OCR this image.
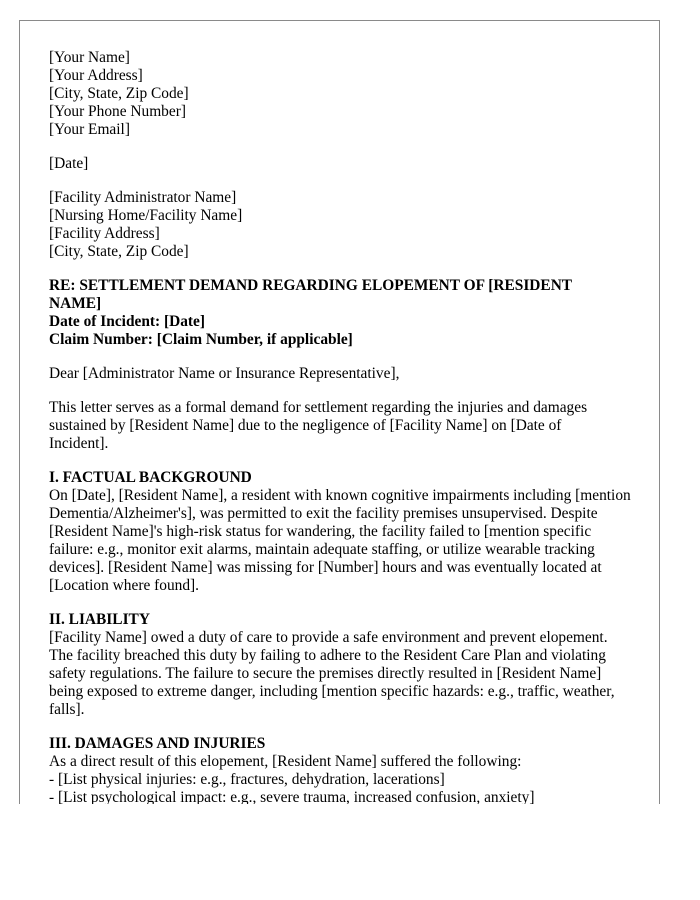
[Your Name]
[Your Address]
[City, State, Zip Code]
[Your Phone Number]
[Your Email]
[Date]
[Facility Administrator Name]
[Nursing Home/Facility Name]
[Facility Address]
[City, State, Zip Code]
RE: SETTLEMENT DEMAND REGARDING ELOPEMENT OF [RESIDENT NAME]
Date of Incident: [Date]
Claim Number: [Claim Number, if applicable]

Dear [Administrator Name or Insurance Representative],

This letter serves as a formal demand for settlement regarding the injuries and damages sustained by [Resident Name] due to the negligence of [Facility Name] on [Date of Incident].

I. FACTUAL BACKGROUND
On [Date], [Resident Name], a resident with known cognitive impairments including [mention Dementia/Alzheimer's], was permitted to exit the facility premises unsupervised. Despite [Resident Name]'s high-risk status for wandering, the facility failed to [mention specific failure: e.g., monitor exit alarms, maintain adequate staffing, or utilize wearable tracking devices]. [Resident Name] was missing for [Number] hours and was eventually located at [Location where found].
II. LIABILITY
[Facility Name] owed a duty of care to provide a safe environment and prevent elopement. The facility breached this duty by failing to adhere to the Resident Care Plan and violating safety regulations. The failure to secure the premises directly resulted in [Resident Name] being exposed to extreme danger, including [mention specific hazards: e.g., traffic, weather, falls].
III. DAMAGES AND INJURIES
As a direct result of this elopement, [Resident Name] suffered the following:
- [List physical injuries: e.g., fractures, dehydration, lacerations]
- [List psychological impact: e.g., severe trauma, increased confusion, anxiety]
